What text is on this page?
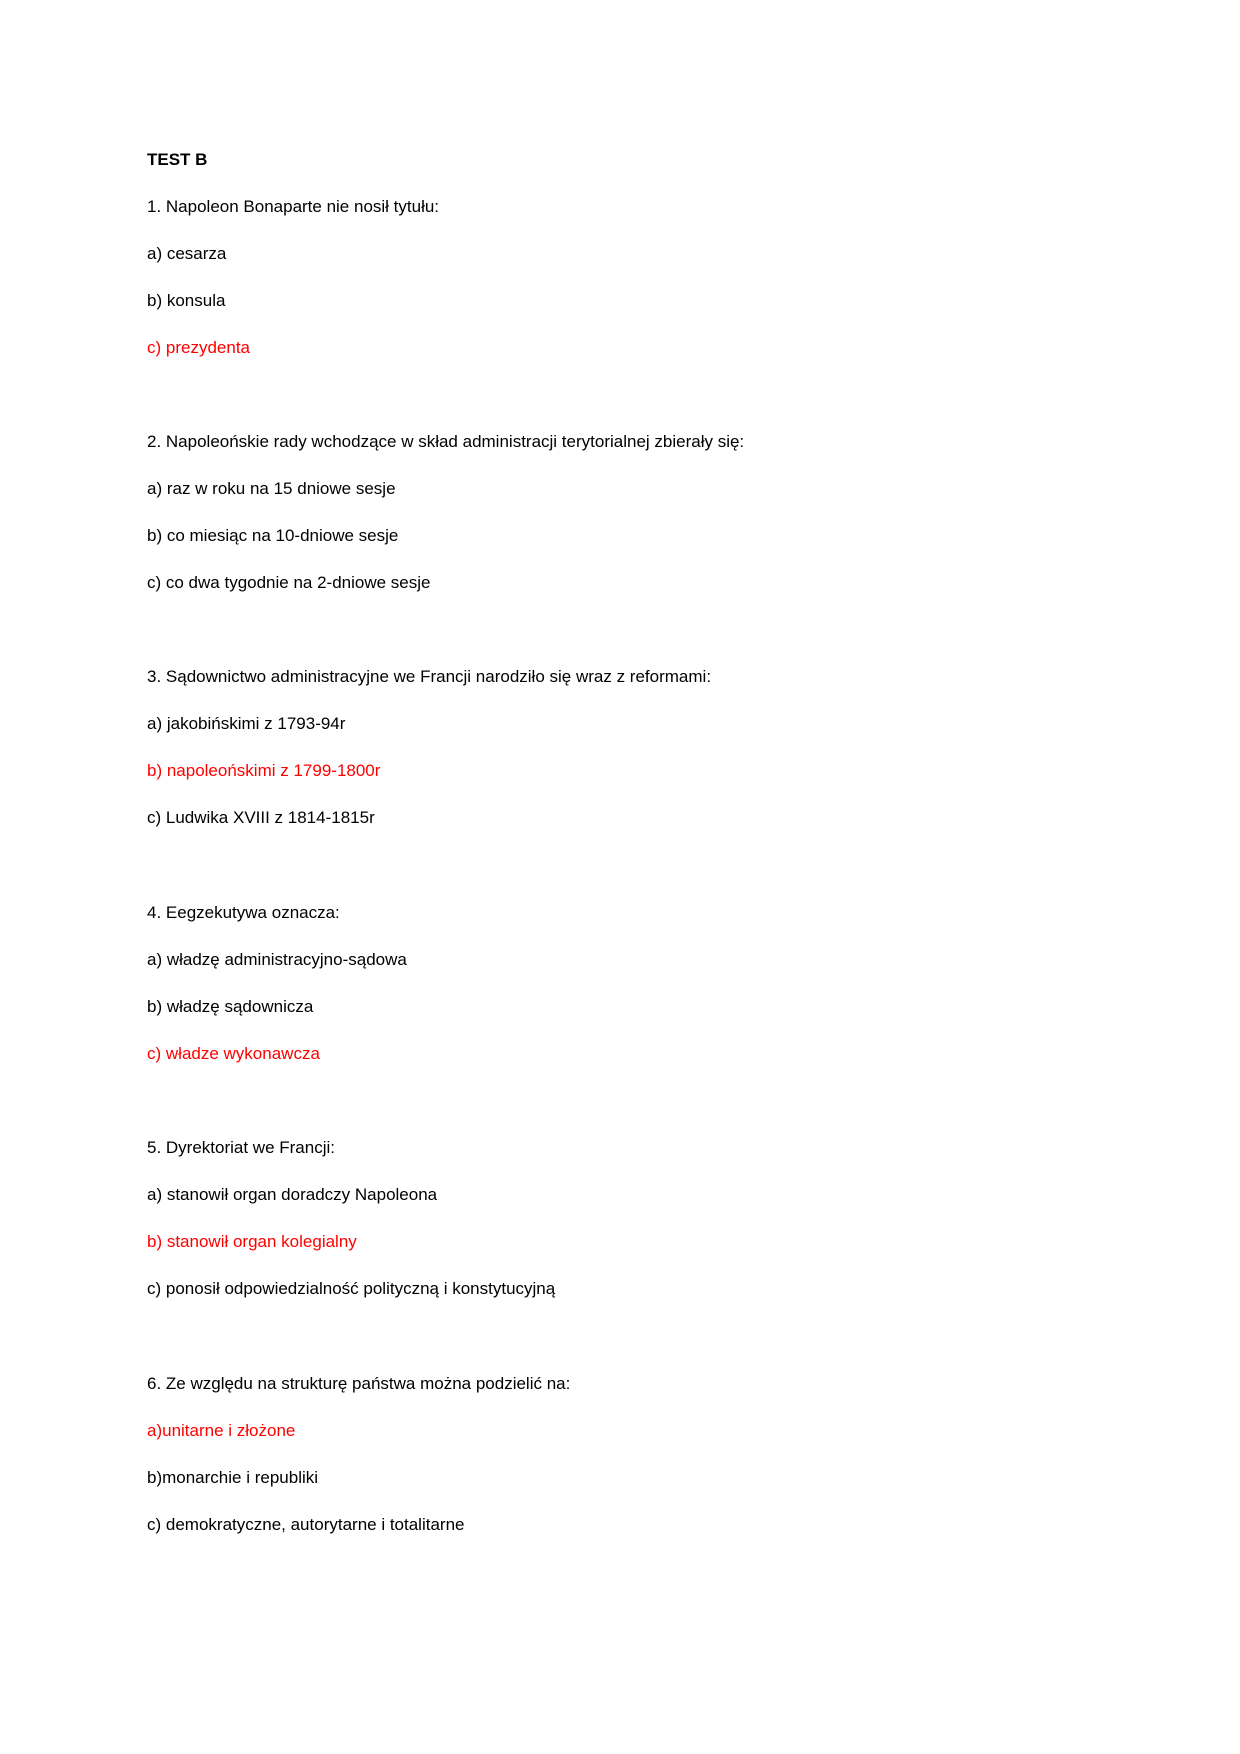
TEST B
1. Napoleon Bonaparte nie nosił tytułu:
a) cesarza
b) konsula
c) prezydenta
2. Napoleońskie rady wchodzące w skład administracji terytorialnej zbierały się:
a) raz w roku na 15 dniowe sesje
b) co miesiąc na 10-dniowe sesje
c) co dwa tygodnie na 2-dniowe sesje
3. Sądownictwo administracyjne we Francji narodziło się wraz z reformami:
a) jakobińskimi z 1793-94r
b) napoleońskimi z 1799-1800r
c) Ludwika XVIII z 1814-1815r
4. Eegzekutywa oznacza:
a) władzę administracyjno-sądowa
b) władzę sądownicza
c) władze wykonawcza
5. Dyrektoriat we Francji:
a) stanowił organ doradczy Napoleona
b) stanowił organ kolegialny
c) ponosił odpowiedzialność polityczną i konstytucyjną
6. Ze względu na strukturę państwa można podzielić na:
a)unitarne i złożone
b)monarchie i republiki
c) demokratyczne, autorytarne i totalitarne
